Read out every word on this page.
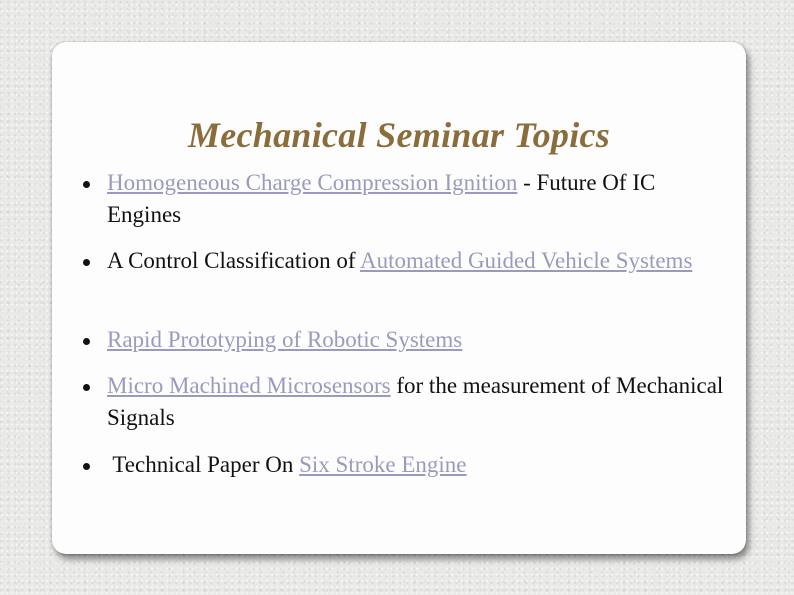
Mechanical Seminar Topics
Homogeneous Charge Compression Ignition - Future Of IC Engines
A Control Classification of Automated Guided Vehicle Systems
Rapid Prototyping of Robotic Systems
Micro Machined Microsensors for the measurement of Mechanical Signals
Technical Paper On Six Stroke Engine
